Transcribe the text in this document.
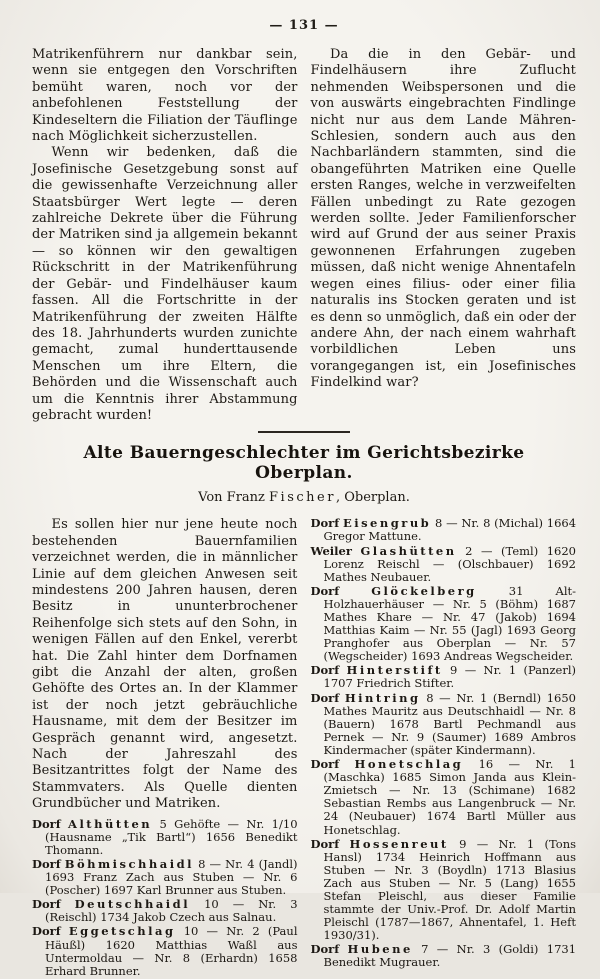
— 131 —

Matrikenführern nur dankbar sein, wenn sie entgegen den Vorschriften bemüht waren, noch vor der anbefohlenen Feststellung der Kindeseltern die Filiation der Täuflinge nach Möglichkeit sicherzustellen.

Wenn wir bedenken, daß die Josefinische Gesetzgebung sonst auf die gewissenhafte Verzeichnung aller Staatsbürger Wert legte — deren zahlreiche Dekrete über die Führung der Matriken sind ja allgemein bekannt — so können wir den gewaltigen Rückschritt in der Matrikenführung der Gebär- und Findelhäuser kaum fassen. All die Fortschritte in der Matrikenführung der zweiten Hälfte des 18. Jahrhunderts wurden zunichte gemacht, zumal hunderttausende Menschen um ihre Eltern, die Behörden und die Wissenschaft auch um die Kenntnis ihrer Abstammung gebracht wurden!

Da die in den Gebär- und Findelhäusern ihre Zuflucht nehmenden Weibspersonen und die von auswärts eingebrachten Findlinge nicht nur aus dem Lande Mähren-Schlesien, sondern auch aus den Nachbarländern stammten, sind die obangeführten Matriken eine Quelle ersten Ranges, welche in verzweifelten Fällen unbedingt zu Rate gezogen werden sollte. Jeder Familienforscher wird auf Grund der aus seiner Praxis gewonnenen Erfahrungen zugeben müssen, daß nicht wenige Ahnentafeln wegen eines filius- oder einer filia naturalis ins Stocken geraten und ist es denn so unmöglich, daß ein oder der andere Ahn, der nach einem wahrhaft vorbildlichen Leben uns vorangegangen ist, ein Josefinisches Findelkind war?

Alte Bauerngeschlechter im Gerichtsbezirke Oberplan.
Von Franz Fischer, Oberplan.

Es sollen hier nur jene heute noch bestehenden Bauernfamilien verzeichnet werden, die in männlicher Linie auf dem gleichen Anwesen seit mindestens 200 Jahren hausen, deren Besitz in ununterbrochener Reihenfolge sich stets auf den Sohn, in wenigen Fällen auf den Enkel, vererbt hat. Die Zahl hinter dem Dorfnamen gibt die Anzahl der alten, großen Gehöfte des Ortes an. In der Klammer ist der noch jetzt gebräuchliche Hausname, mit dem der Besitzer im Gespräch genannt wird, angesetzt. Nach der Jahreszahl des Besitzantrittes folgt der Name des Stammvaters. Als Quelle dienten Grundbücher und Matriken.

Dorf Althütten 5 Gehöfte — Nr. 1/10 (Hausname „Tik Bartl“) 1656 Benedikt Thomann.

Dorf Böhmischhaidl 8 — Nr. 4 (Jandl) 1693 Franz Zach aus Stuben — Nr. 6 (Poscher) 1697 Karl Brunner aus Stuben.

Dorf Deutschhaidl 10 — Nr. 3 (Reischl) 1734 Jakob Czech aus Salnau.

Dorf Eggetschlag 10 — Nr. 2 (Paul Häußl) 1620 Matthias Waßl aus Untermoldau — Nr. 8 (Erhardn) 1658 Erhard Brunner.

Dorf Eisengrub 8 — Nr. 8 (Michal) 1664 Gregor Mattune.

Weiler Glashütten 2 — (Teml) 1620 Lorenz Reischl — (Olschbauer) 1692 Mathes Neubauer.

Dorf	Glöckelberg	31 Alt-Holzhauerhäuser — Nr. 5 (Böhm) 1687 Mathes Khare — Nr. 47 (Jakob) 1694 Matthias Kaim — Nr. 55 (Jagl) 1693 Georg Pranghofer aus Oberplan — Nr. 57 (Wegscheider) 1693 Andreas Wegscheider.

Dorf Hinterstift 9 — Nr. 1 (Panzerl) 1707 Friedrich Stifter.

Dorf Hintring 8 — Nr. 1 (Berndl) 1650 Mathes Mauritz aus Deutschhaidl — Nr. 8 (Bauern) 1678 Bartl Pechmandl aus Pernek — Nr. 9 (Saumer) 1689 Ambros Kindermacher (später Kindermann).

Dorf Honetschlag 16 — Nr. 1 (Maschka) 1685 Simon Janda aus Klein-Zmietsch — Nr. 13 (Schimane) 1682 Sebastian Rembs aus Langenbruck — Nr. 24 (Neubauer) 1674 Bartl Müller aus Honetschlag.

Dorf Hossenreut 9 — Nr. 1 (Tons Hansl) 1734 Heinrich Hoffmann aus Stuben — Nr. 3 (Boydln) 1713 Blasius Zach aus Stuben — Nr. 5 (Lang) 1655 Stefan Pleischl, aus dieser Familie stammte der Univ.-Prof. Dr. Adolf Martin Pleischl (1787—1867, Ahnentafel, 1. Heft 1930/31).

Dorf Hubene 7 — Nr. 3 (Goldi) 1731 Benedikt Mugrauer.
